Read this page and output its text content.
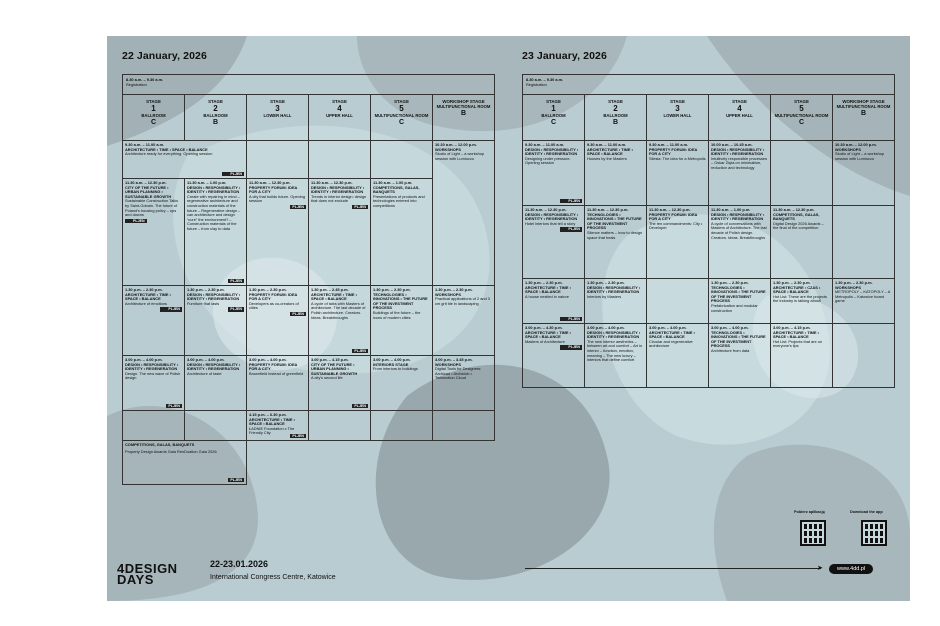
22 January, 2026
8.30 a.m. – 9.30 a.m.
Registration
STAGE
1
BALLROOM
C
STAGE
2
BALLROOM
B
STAGE
3
LOWER HALL
STAGE
4
UPPER HALL
STAGE
5
MULTIFUNCTIONAL ROOM
C
WORKSHOP STAGE
MULTIFUNCTIONAL ROOM
B
9.30 a.m. – 11.00 a.m.
ARCHITECTURE • TIME • SPACE • BALANCE
Architecture ready for everything. Opening session
PLJEN
10.30 a.m. – 12.00 p.m.
WORKSHOPS
Studio of Light – a workshop session with Lumiocco
11.30 a.m. – 12.30 p.m.
CITY OF THE FUTURE • URBAN PLANNING • SUSTAINABLE GROWTH
Sustainable Construction Talks by Saint-Gobain. The future of Poland's housing policy – ups and downs
PLJEN
11.30 a.m. – 1.00 p.m.
DESIGN • RESPONSIBILITY • IDENTITY • REGENERATION
Create with repairing in mind – regenerative architecture and construction materials of the future – Regenerative design – can architecture and design “cure” the environment? – Construction materials of the future – from clay to data
PLJEN
11.30 a.m. – 12.30 p.m.
PROPERTY FORUM: IDEA FOR A CITY
A city that builds future. Opening session
PLJEN
11.30 a.m. – 12.30 p.m.
DESIGN • RESPONSIBILITY • IDENTITY • REGENERATION
Trends in interior design: design that does not exclude
PLJEN
11.30 a.m. – 1.00 p.m.
COMPETITIONS, GALAS, BANQUETS
Presentations of products and technologies entered into competitions
1.30 p.m. – 2.30 p.m.
ARCHITECTURE • TIME • SPACE • BALANCE
Architecture of emotions
PLJEN
1.30 p.m. – 2.30 p.m.
DESIGN • RESPONSIBILITY • IDENTITY • REGENERATION
Furniture that lasts
PLJEN
1.30 p.m. – 2.30 p.m.
PROPERTY FORUM: IDEA FOR A CITY
Developers as co-creators of cities
PLJEN
1.30 p.m. – 2.45 p.m.
ARCHITECTURE • TIME • SPACE • BALANCE
A cycle of talks with Masters of architecture. The last decade of Polish architecture. Creators. Ideas. Breakthroughs
PLJEN
1.30 p.m. – 2.30 p.m.
TECHNOLOGIES • INNOVATIONS • THE FUTURE OF THE INVESTMENT PROCESS
Buildings of the future – the icons of modern cities
1.30 p.m. – 2.30 p.m.
WORKSHOPS
Practical applications of 2 and 3 cm grit tile in landscaping
3.00 p.m. – 4.00 p.m.
DESIGN • RESPONSIBILITY • IDENTITY • REGENERATION
Design. The new wave of Polish design
PLJEN
3.00 p.m. – 4.00 p.m.
DESIGN • RESPONSIBILITY • IDENTITY • REGENERATION
Architecture of taste
3.00 p.m. – 4.00 p.m.
PROPERTY FORUM: IDEA FOR A CITY
Brownfield instead of greenfield
3.00 p.m. – 4.15 p.m.
CITY OF THE FUTURE • URBAN PLANNING • SUSTAINABLE GROWTH
A city's second life
PLJEN
3.00 p.m. – 4.00 p.m.
INTERIORS STAGE
From interiors to buildings
3.00 p.m. – 3.45 p.m.
WORKSHOPS
Digital Tools for Designers: Archicad • Archiclub • Twinmotion Cloud
4.15 p.m. – 6.30 p.m.
ARCHITECTURE • TIME • SPACE • BALANCE
ŁADNIE Foundation x The Friendly City
PLJEN
COMPETITIONS, GALAS, BANQUETS
Property Design Awards Gala RenDuation Gala 2026
PLJEN
23 January, 2026
8.30 a.m. – 9.30 a.m.
Registration
STAGE
1
BALLROOM
C
STAGE
2
BALLROOM
B
STAGE
3
LOWER HALL
STAGE
4
UPPER HALL
STAGE
5
MULTIFUNCTIONAL ROOM
C
WORKSHOP STAGE
MULTIFUNCTIONAL ROOM
B
9.30 a.m. – 11.00 a.m.
DESIGN • RESPONSIBILITY • IDENTITY • REGENERATION
Designing under pressure. Opening session
PLJEN
9.30 a.m. – 11.00 a.m.
ARCHITECTURE • TIME • SPACE • BALANCE
Houses by the Masters
9.30 a.m. – 11.00 a.m.
PROPERTY FORUM: IDEA FOR A CITY
Silesia: The idea for a Metropolis
10.00 a.m. – 10.45 a.m.
DESIGN • RESPONSIBILITY • IDENTITY • REGENERATION
Intuitively responsible processes – Oskar Zięta on minimalism, reduction and technology
10.30 a.m. – 12.00 p.m.
WORKSHOPS
Studio of Light – a workshop session with Lumiocco
11.30 a.m. – 12.30 p.m.
DESIGN • RESPONSIBILITY • IDENTITY • REGENERATION
Hotel interiors that tell a story
PLJEN
11.30 a.m. – 12.30 p.m.
TECHNOLOGIES • INNOVATIONS • THE FUTURE OF THE INVESTMENT PROCESS
Silence matters – how to design space that heals
11.30 a.m. – 12.30 p.m.
PROPERTY FORUM: IDEA FOR A CITY
The ten commandments: City • Developer
11.30 a.m. – 1.00 p.m.
DESIGN • RESPONSIBILITY • IDENTITY • REGENERATION
A cycle of conversations with Masters of Architecture. The last decade of Polish design. Creators. Ideas. Breakthroughs
11.30 a.m. – 12.30 p.m.
COMPETITIONS, GALAS, BANQUETS
Digital Design 2026 Awards – the final of the competition
1.30 p.m. – 2.30 p.m.
ARCHITECTURE • TIME • SPACE • BALANCE
A house nestled in nature
PLJEN
1.30 p.m. – 2.30 p.m.
DESIGN • RESPONSIBILITY • IDENTITY • REGENERATION
Interiors by Masters
1.30 p.m. – 2.30 p.m.
TECHNOLOGIES • INNOVATIONS • THE FUTURE OF THE INVESTMENT PROCESS
Prefabrication and modular construction
1.30 p.m. – 2.30 p.m.
ARCHITECTURE • CZAS • SPACE • BALANCE
Hot List: These are the projects the industry is talking about!
1.30 p.m. – 2.30 p.m.
WORKSHOPS
METROPOLY – KATOPOLY – A Metropolis – Katowice board game
3.00 p.m. – 4.30 p.m.
ARCHITECTURE • TIME • SPACE • BALANCE
Masters of Architecture
PLJEN
3.00 p.m. – 4.00 p.m.
DESIGN • RESPONSIBILITY • IDENTITY • REGENERATION
The new interior aesthetics – between art and comfort – Art in interior – function, emotion, meaning – The new luxury – interiors that define comfort
3.00 p.m. – 4.00 p.m.
ARCHITECTURE • TIME • SPACE • BALANCE
Circular and regenerative architecture
3.00 p.m. – 4.00 p.m.
TECHNOLOGIES • INNOVATIONS • THE FUTURE OF THE INVESTMENT PROCESS
Architecture from data
3.00 p.m. – 4.15 p.m.
ARCHITECTURE • TIME • SPACE • BALANCE
Hot List: Projects that are on everyone's lips
Pobierz aplikację	Download the app
4DESIGN
DAYS
22-23.01.2026
International Congress Centre, Katowice
➤	www.4dd.pl
